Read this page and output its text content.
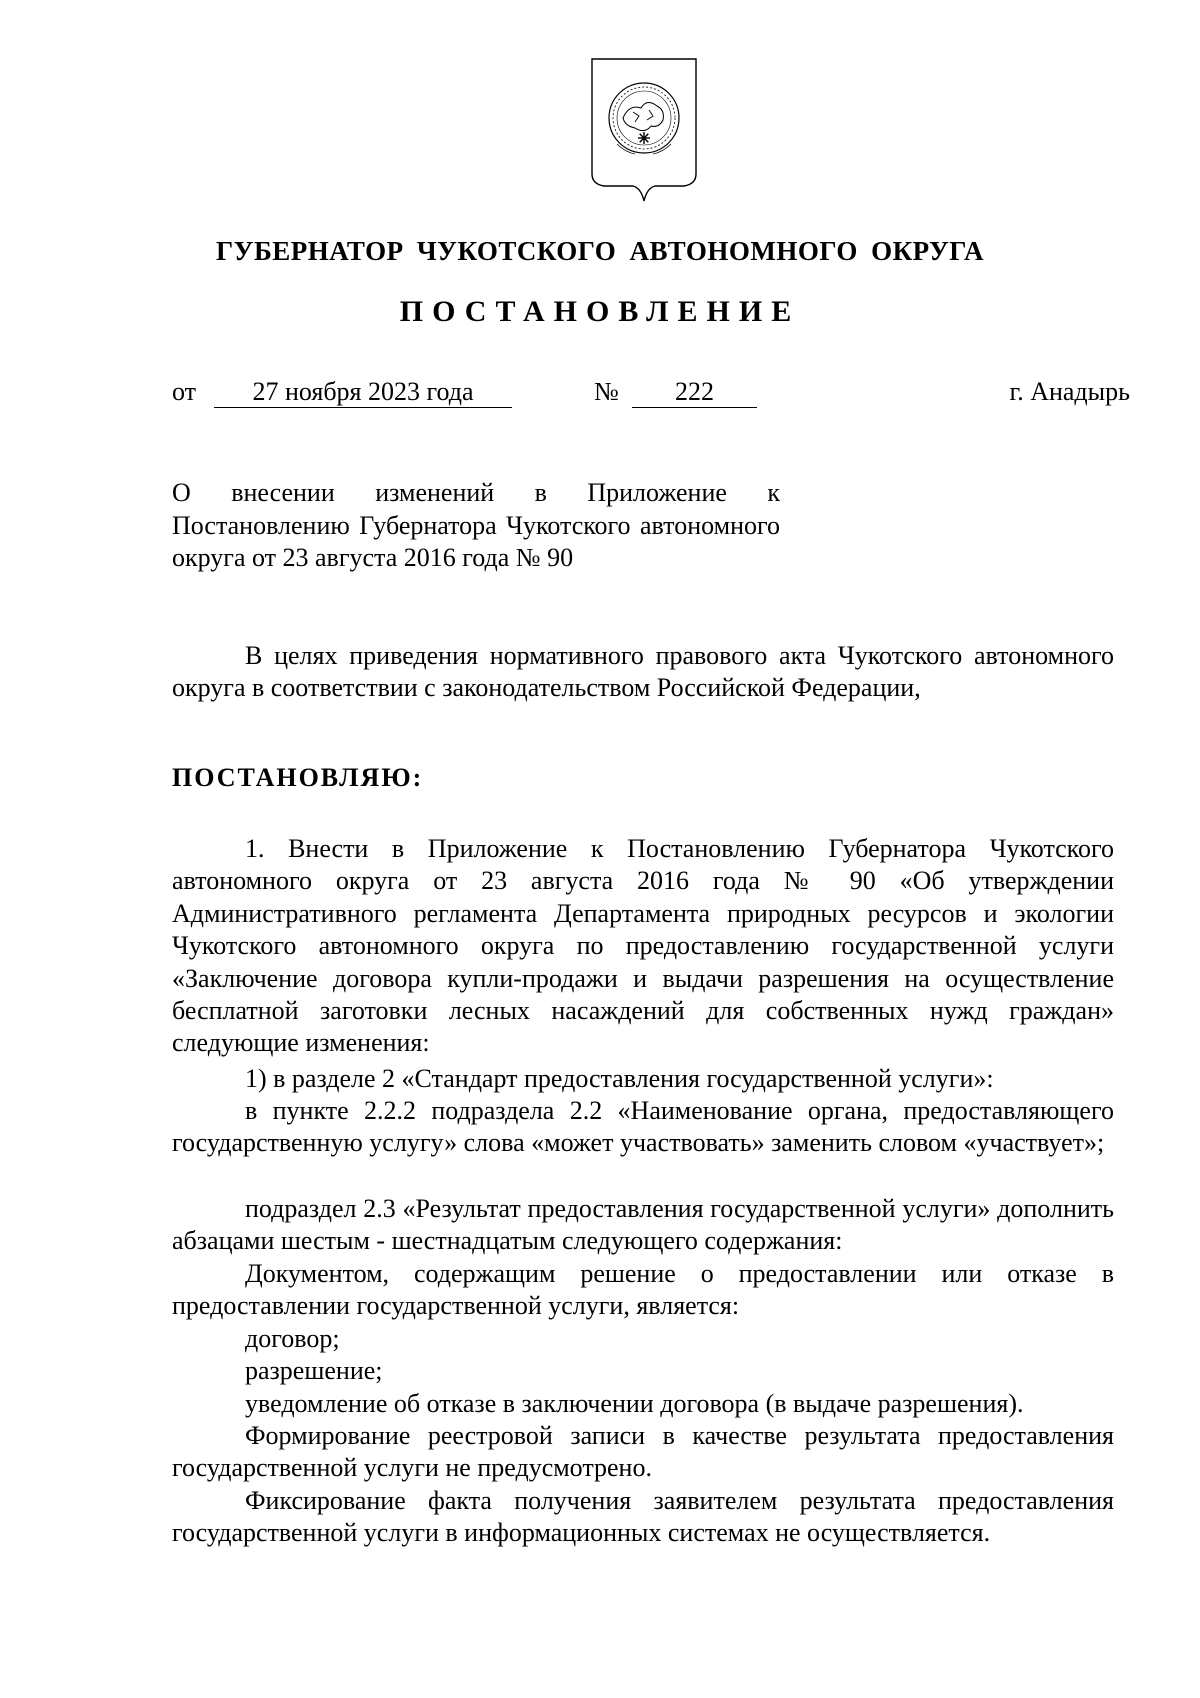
ГУБЕРНАТОР ЧУКОТСКОГО АВТОНОМНОГО ОКРУГА
ПОСТАНОВЛЕНИЕ
от	27 ноября 2023 года	№	222	г. Анадырь
О внесении изменений в Приложение к Постановлению Губернатора Чукотского автономного округа от 23 августа 2016 года № 90
В целях приведения нормативного правового акта Чукотского автономного округа в соответствии с законодательством Российской Федерации,
ПОСТАНОВЛЯЮ:
1. Внести в Приложение к Постановлению Губернатора Чукотского автономного округа от 23 августа 2016 года № 90 «Об утверждении Административного регламента Департамента природных ресурсов и экологии Чукотского автономного округа по предоставлению государственной услуги «Заключение договора купли-продажи и выдачи разрешения на осуществление бесплатной заготовки лесных насаждений для собственных нужд граждан» следующие изменения:
1) в разделе 2 «Стандарт предоставления государственной услуги»:
в пункте 2.2.2 подраздела 2.2 «Наименование органа, предоставляющего государственную услугу» слова «может участвовать» заменить словом «участвует»;
подраздел 2.3 «Результат предоставления государственной услуги» дополнить абзацами шестым - шестнадцатым следующего содержания:
Документом, содержащим решение о предоставлении или отказе в предоставлении государственной услуги, является:
договор;
разрешение;
уведомление об отказе в заключении договора (в выдаче разрешения).
Формирование реестровой записи в качестве результата предоставления государственной услуги не предусмотрено.
Фиксирование факта получения заявителем результата предоставления государственной услуги в информационных системах не осуществляется.
